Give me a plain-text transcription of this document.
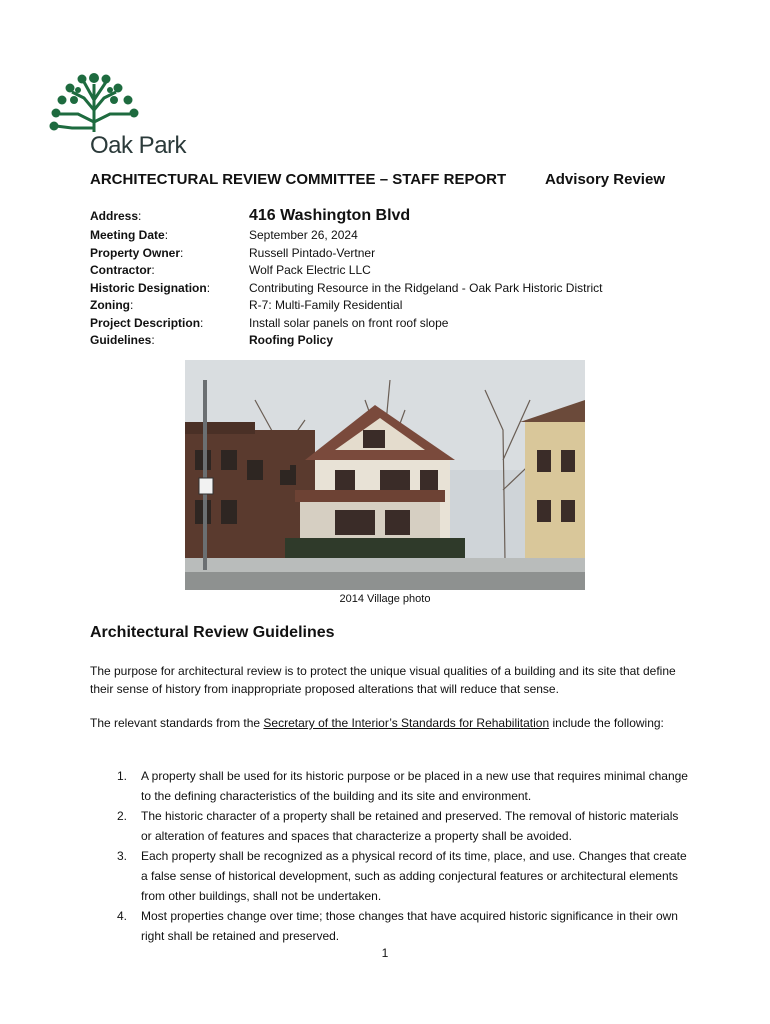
Oak Park
ARCHITECTURAL REVIEW COMMITTEE – STAFF REPORT	Advisory Review
Address:	416 Washington Blvd
Meeting Date:	September 26, 2024
Property Owner:	Russell Pintado-Vertner
Contractor:	Wolf Pack Electric LLC
Historic Designation:	Contributing Resource in the Ridgeland - Oak Park Historic District
Zoning:	R-7: Multi-Family Residential
Project Description:	Install solar panels on front roof slope
Guidelines:	Roofing Policy
2014 Village photo
Architectural Review Guidelines
The purpose for architectural review is to protect the unique visual qualities of a building and its site that define their sense of history from inappropriate proposed alterations that will reduce that sense.
The relevant standards from the Secretary of the Interior’s Standards for Rehabilitation include the following:
1. A property shall be used for its historic purpose or be placed in a new use that requires minimal change to the defining characteristics of the building and its site and environment.
2. The historic character of a property shall be retained and preserved. The removal of historic materials or alteration of features and spaces that characterize a property shall be avoided.
3. Each property shall be recognized as a physical record of its time, place, and use. Changes that create a false sense of historical development, such as adding conjectural features or architectural elements from other buildings, shall not be undertaken.
4. Most properties change over time; those changes that have acquired historic significance in their own right shall be retained and preserved.
1
